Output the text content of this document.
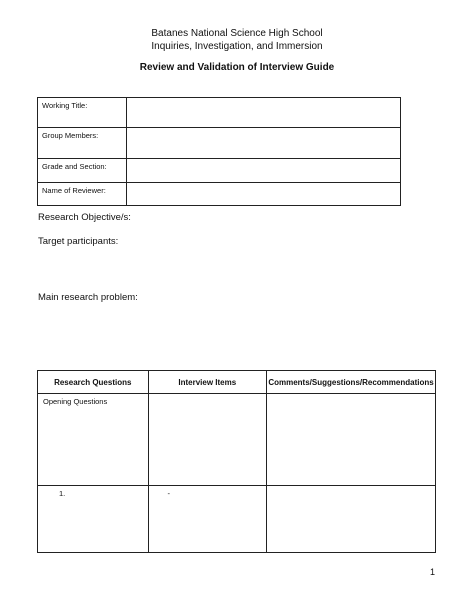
Batanes National Science High School
Inquiries, Investigation, and Immersion
Review and Validation of Interview Guide
Working Title:	
Group Members:	
Grade and Section:	
Name of Reviewer:	
Research Objective/s:
Target participants:
Main research problem:
Research Questions	Interview Items	Comments/Suggestions/Recommendations
Opening Questions		
1.	-	
1
